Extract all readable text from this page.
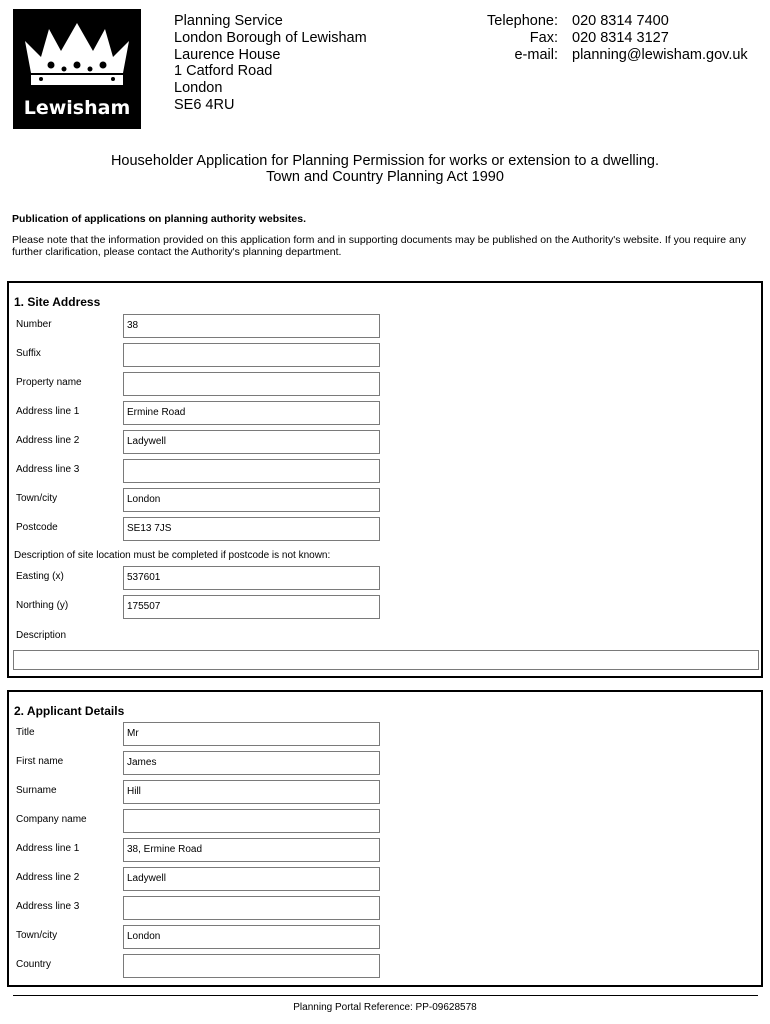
Lewisham
Planning Service
London Borough of Lewisham
Laurence House
1 Catford Road
London
SE6 4RU
Telephone: 020 8314 7400
Fax: 020 8314 3127
e-mail: planning@lewisham.gov.uk
Householder Application for Planning Permission for works or extension to a dwelling.
Town and Country Planning Act 1990
Publication of applications on planning authority websites.
Please note that the information provided on this application form and in supporting documents may be published on the Authority's website. If you require any further clarification, please contact the Authority's planning department.
1. Site Address
Number	38
Suffix
Property name
Address line 1	Ermine Road
Address line 2	Ladywell
Address line 3
Town/city	London
Postcode	SE13 7JS
Description of site location must be completed if postcode is not known:
Easting (x)	537601
Northing (y)	175507
Description
2. Applicant Details
Title	Mr
First name	James
Surname	Hill
Company name
Address line 1	38, Ermine Road
Address line 2	Ladywell
Address line 3
Town/city	London
Country
Planning Portal Reference: PP-09628578
